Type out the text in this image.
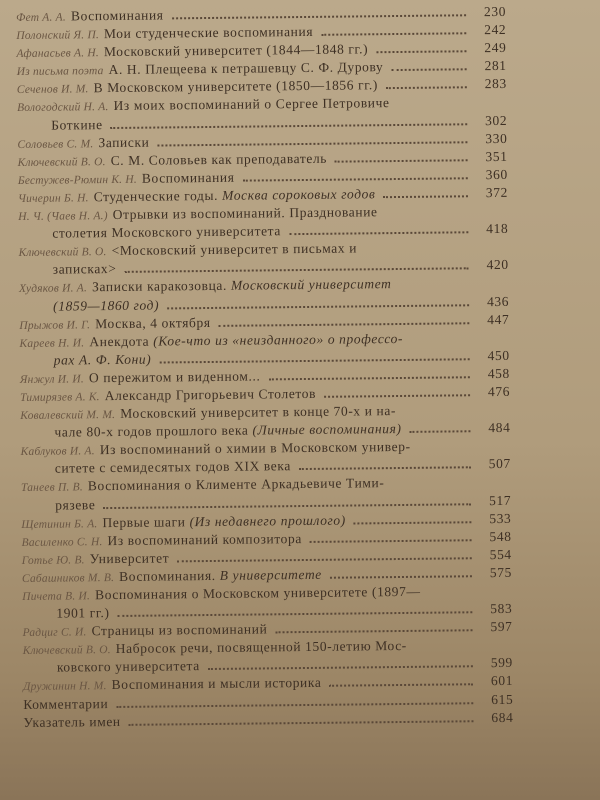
Фет А. А. Воспоминания	230
Полонский Я. П. Мои студенческие воспоминания	242
Афанасьев А. Н. Московский университет (1844—1848 гг.)	249
Из письма поэта А. Н. Плещеева к петрашевцу С. Ф. Дурову	281
Сеченов И. М. В Московском университете (1850—1856 гг.)	283
Вологодский Н. А. Из моих воспоминаний о Сергее Петровиче
Боткине	302
Соловьев С. М. Записки	330
Ключевский В. О. С. М. Соловьев как преподаватель	351
Бестужев-Рюмин К. Н. Воспоминания	360
Чичерин Б. Н. Студенческие годы. Москва сороковых годов	372
Н. Ч. (Чаев Н. А.) Отрывки из воспоминаний. Празднование
столетия Московского университета	418
Ключевский В. О. <Московский университет в письмах и
записках>	420
Худяков И. А. Записки каракозовца. Московский университет
(1859—1860 год)	436
Прыжов И. Г. Москва, 4 октября	447
Кареев Н. И. Анекдота (Кое-что из «неизданного» о профессо-
рах А. Ф. Кони)	450
Янжул И. И. О пережитом и виденном...	458
Тимирязев А. К. Александр Григорьевич Столетов	476
Ковалевский М. М. Московский университет в конце 70-х и на-
чале 80-х годов прошлого века (Личные воспоминания)	484
Каблуков И. А. Из воспоминаний о химии в Московском универ-
ситете с семидесятых годов XIX века	507
Танеев П. В. Воспоминания о Клименте Аркадьевиче Тими-
рязеве	517
Щетинин Б. А. Первые шаги (Из недавнего прошлого)	533
Василенко С. Н. Из воспоминаний композитора	548
Готье Ю. В. Университет	554
Сабашников М. В. Воспоминания. В университете	575
Пичета В. И. Воспоминания о Московском университете (1897—
1901 гг.)	583
Радциг С. И. Страницы из воспоминаний	597
Ключевский В. О. Набросок речи, посвященной 150-летию Мос-
ковского университета	599
Дружинин Н. М. Воспоминания и мысли историка	601
Комментарии	615
Указатель имен	684
